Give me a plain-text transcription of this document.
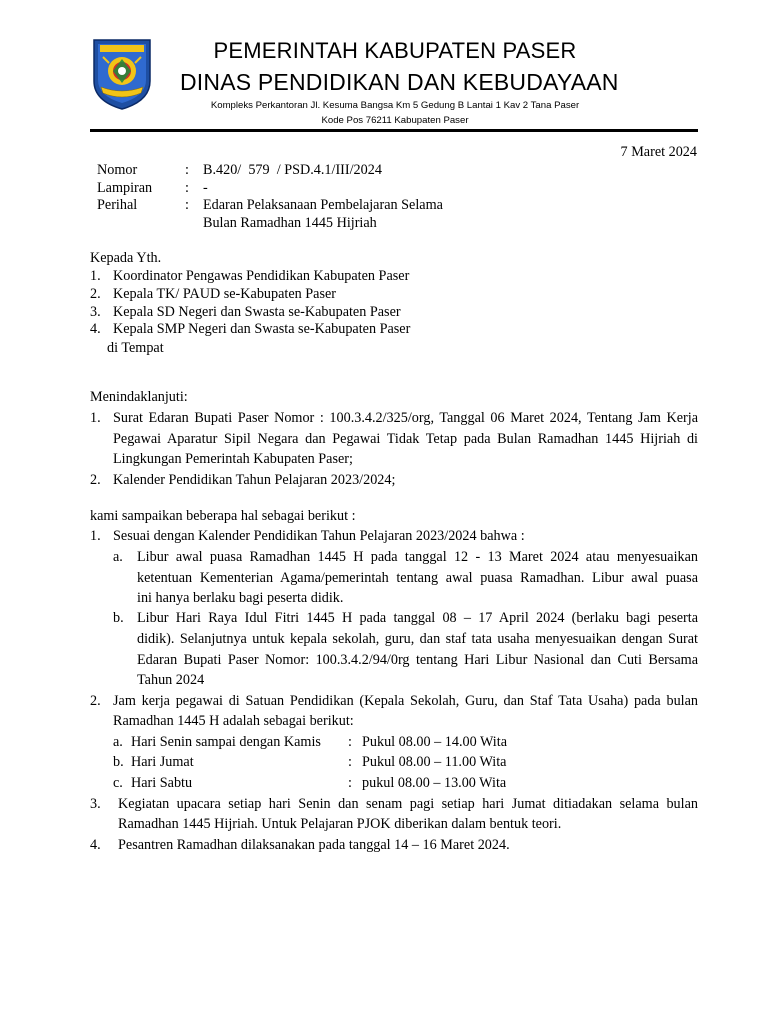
PEMERINTAH KABUPATEN PASER
DINAS PENDIDIKAN DAN KEBUDAYAAN
Kompleks Perkantoran Jl. Kesuma Bangsa Km 5 Gedung B Lantai 1 Kav 2 Tana Paser
Kode Pos 76211 Kabupaten Paser
7 Maret 2024
Nomor	: B.420/  579  / PSD.4.1/III/2024
Lampiran : -
Perihal	: Edaran Pelaksanaan Pembelajaran Selama
Bulan Ramadhan 1445 Hijriah
Kepada Yth.
1. Koordinator Pengawas Pendidikan Kabupaten Paser
2. Kepala TK/ PAUD se-Kabupaten Paser
3. Kepala SD Negeri dan Swasta se-Kabupaten Paser
4. Kepala SMP Negeri dan Swasta se-Kabupaten Paser
di Tempat
Menindaklanjuti:
1. Surat Edaran Bupati Paser Nomor : 100.3.4.2/325/org, Tanggal 06 Maret 2024, Tentang Jam Kerja
Pegawai Aparatur Sipil Negara dan Pegawai Tidak Tetap pada Bulan Ramadhan 1445 Hijriah di
Lingkungan Pemerintah Kabupaten Paser;
2. Kalender Pendidikan Tahun Pelajaran 2023/2024;
kami sampaikan beberapa hal sebagai berikut :
1. Sesuai dengan Kalender Pendidikan Tahun Pelajaran 2023/2024 bahwa :
a. Libur awal puasa Ramadhan 1445 H pada tanggal 12 - 13 Maret 2024 atau menyesuaikan
ketentuan Kementerian Agama/pemerintah tentang awal puasa Ramadhan. Libur awal puasa
ini hanya berlaku bagi peserta didik.
b. Libur Hari Raya Idul Fitri 1445 H pada tanggal 08 – 17 April 2024 (berlaku bagi peserta
didik). Selanjutnya untuk kepala sekolah, guru, dan staf tata usaha menyesuaikan dengan Surat
Edaran Bupati Paser Nomor: 100.3.4.2/94/0rg tentang Hari Libur Nasional dan Cuti Bersama
Tahun 2024
2. Jam kerja pegawai di Satuan Pendidikan (Kepala Sekolah, Guru, dan Staf Tata Usaha) pada bulan
Ramadhan 1445 H adalah sebagai berikut:
a. Hari Senin sampai dengan Kamis : Pukul 08.00 – 14.00 Wita
b. Hari Jumat	: Pukul 08.00 – 11.00 Wita
c. Hari Sabtu	: pukul 08.00 – 13.00 Wita
3. Kegiatan upacara setiap hari Senin dan senam pagi setiap hari Jumat ditiadakan selama bulan
Ramadhan 1445 Hijriah. Untuk Pelajaran PJOK diberikan dalam bentuk teori.
4. Pesantren Ramadhan dilaksanakan pada tanggal 14 – 16 Maret 2024.
